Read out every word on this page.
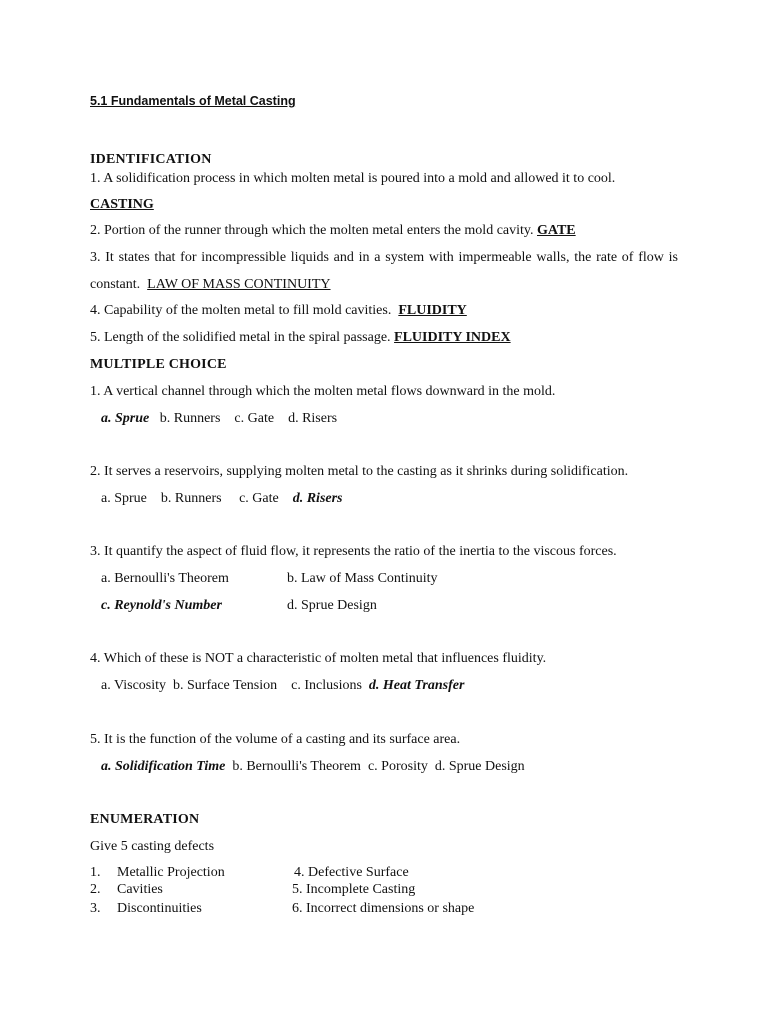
5.1 Fundamentals of Metal Casting
IDENTIFICATION
1. A solidification process in which molten metal is poured into a mold and allowed it to cool.
CASTING
2. Portion of the runner through which the molten metal enters the mold cavity. GATE
3. It states that for incompressible liquids and in a system with impermeable walls, the rate of flow is constant. LAW OF MASS CONTINUITY
4. Capability of the molten metal to fill mold cavities. FLUIDITY
5. Length of the solidified metal in the spiral passage. FLUIDITY INDEX
MULTIPLE CHOICE
1. A vertical channel through which the molten metal flows downward in the mold.
a. Sprue b. Runners c. Gate d. Risers
2. It serves a reservoirs, supplying molten metal to the casting as it shrinks during solidification.
a. Sprue b. Runners c. Gate d. Risers
3. It quantify the aspect of fluid flow, it represents the ratio of the inertia to the viscous forces.
a. Bernoulli's Theorem	b. Law of Mass Continuity
c. Reynold's Number	d. Sprue Design
4. Which of these is NOT a characteristic of molten metal that influences fluidity.
a. Viscosity b. Surface Tension c. Inclusions d. Heat Transfer
5. It is the function of the volume of a casting and its surface area.
a. Solidification Time b. Bernoulli's Theorem c. Porosity d. Sprue Design
ENUMERATION
Give 5 casting defects
1. Metallic Projection
2. Cavities
3. Discontinuities
4. Defective Surface
5. Incomplete Casting
6. Incorrect dimensions or shape
